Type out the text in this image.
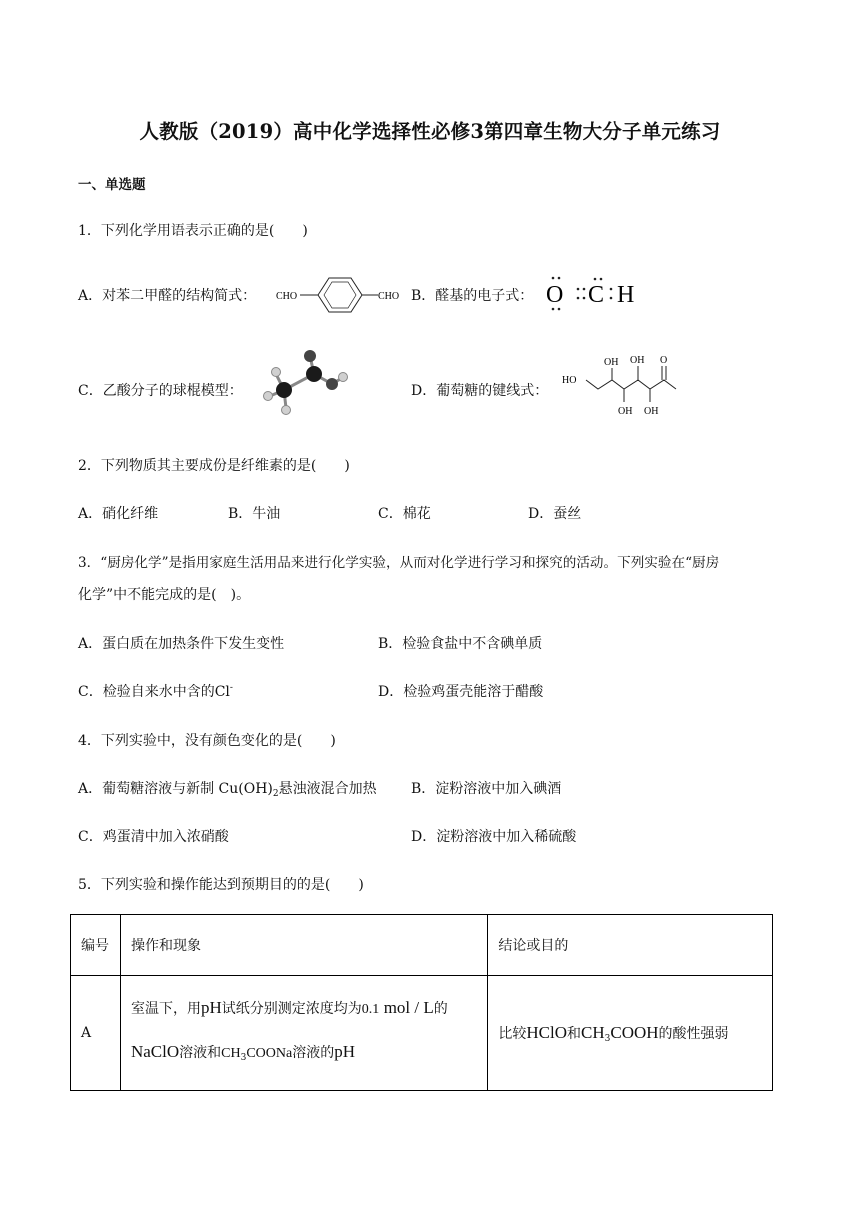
人教版（2019）高中化学选择性必修3第四章生物大分子单元练习
一、单选题
1．下列化学用语表示正确的是(　　)
A．对苯二甲醛的结构简式： CHO	CHO B．醛基的电子式： O C H
C．乙酸分子的球棍模型：	D．葡萄糖的键线式：
OH OH O
HO
OH OH
2．下列物质其主要成份是纤维素的是(　　)
A．硝化纤维	B．牛油	C．棉花	D．蚕丝
3．“厨房化学”是指用家庭生活用品来进行化学实验，从而对化学进行学习和探究的活动。下列实验在“厨房
化学”中不能完成的是(　)。
A．蛋白质在加热条件下发生变性	B．检验食盐中不含碘单质
C．检验自来水中含的Cl-	D．检验鸡蛋壳能溶于醋酸
4．下列实验中，没有颜色变化的是(　　)
A．葡萄糖溶液与新制 $Cu(OH)_2$悬浊液混合加热 B．淀粉溶液中加入碘酒
C．鸡蛋清中加入浓硝酸	D．淀粉溶液中加入稀硫酸
5．下列实验和操作能达到预期目的的是(　　)
编号	操作和现象	结论或目的
A	室温下，用pH试纸分别测定浓度均为0.1 mol / L的
NaClO溶液和$CH_3COONa$溶液的pH	比较HClO和$CH_3COOH$的酸性强弱
